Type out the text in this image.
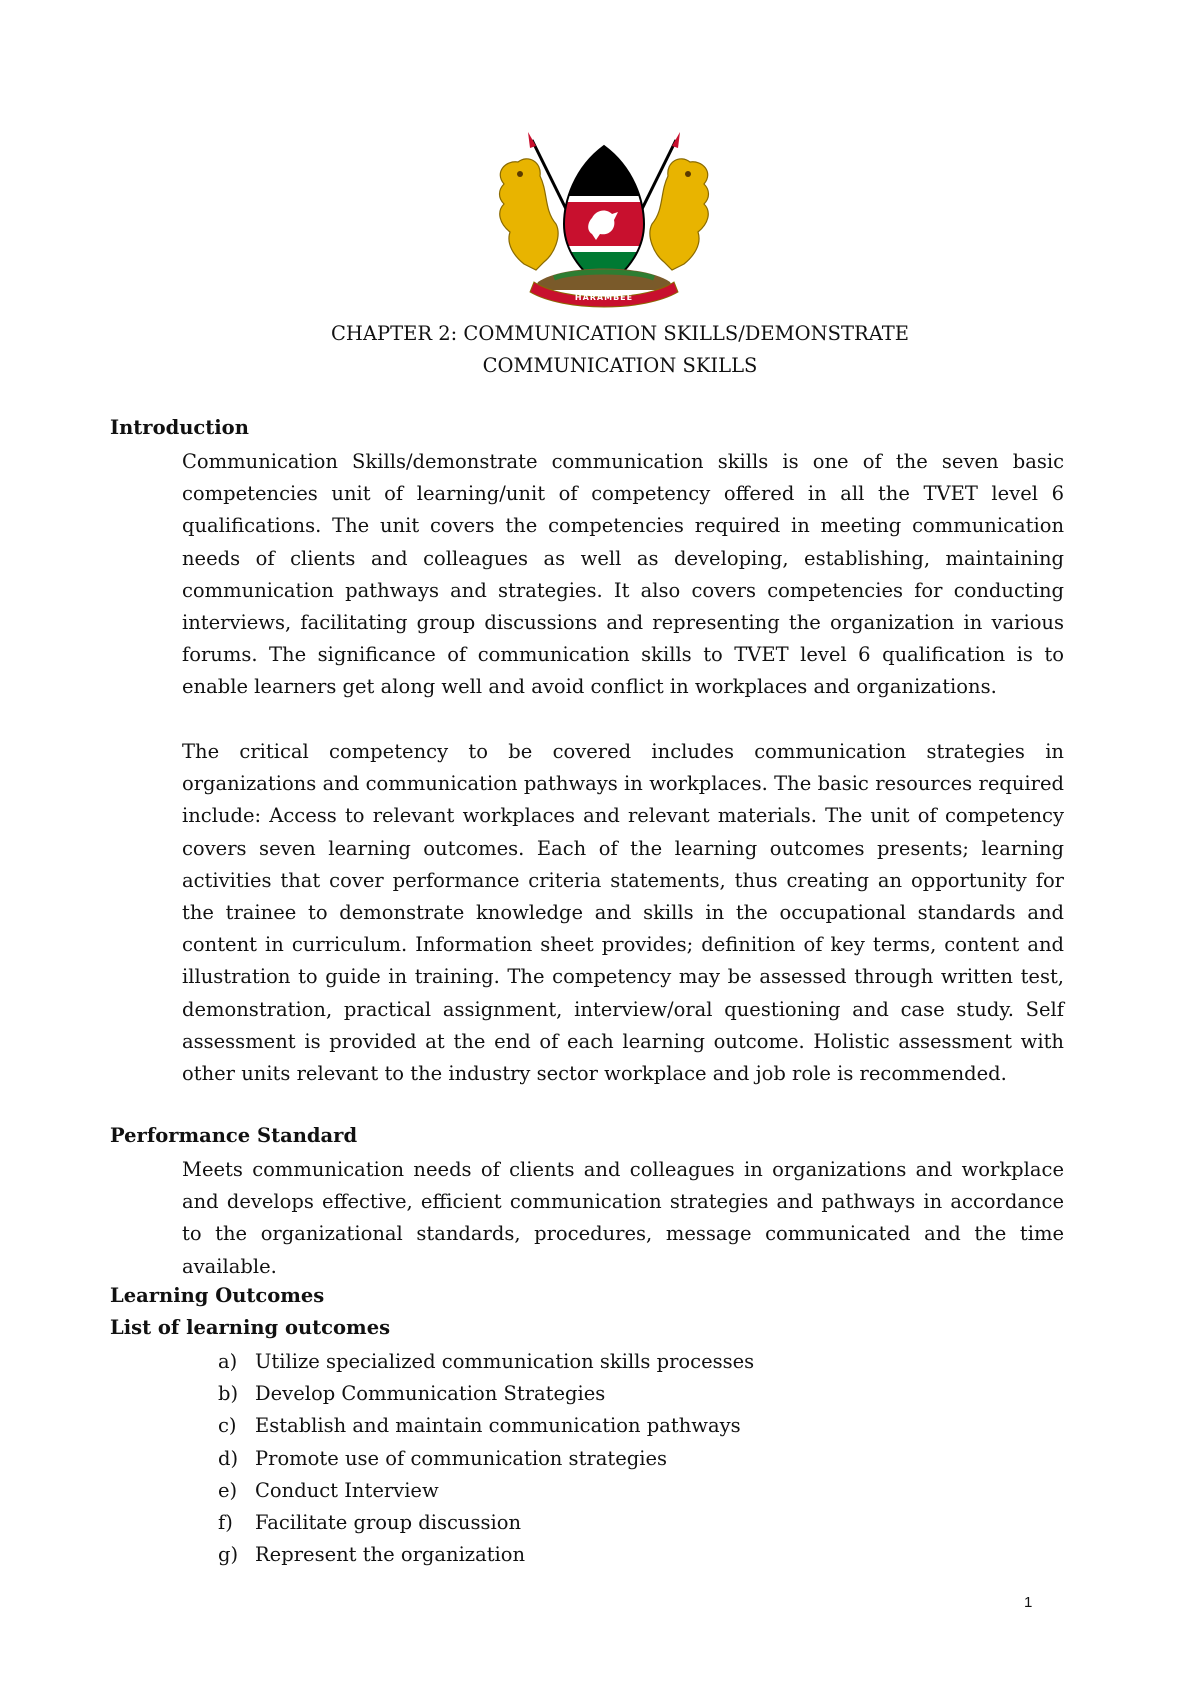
HARAMBEE
CHAPTER 2: COMMUNICATION SKILLS/DEMONSTRATE
COMMUNICATION SKILLS
Introduction

Communication Skills/demonstrate communication skills is one of the seven basic competencies unit of learning/unit of competency offered in all the TVET level 6 qualifications. The unit covers the competencies required in meeting communication needs of clients and colleagues as well as developing, establishing, maintaining communication pathways and strategies. It also covers competencies for conducting interviews, facilitating group discussions and representing the organization in various forums. The significance of communication skills to TVET level 6 qualification is to enable learners get along well and avoid conflict in workplaces and organizations.

The critical competency to be covered includes communication strategies in organizations and communication pathways in workplaces. The basic resources required include: Access to relevant workplaces and relevant materials. The unit of competency covers seven learning outcomes. Each of the learning outcomes presents; learning activities that cover performance criteria statements, thus creating an opportunity for the trainee to demonstrate knowledge and skills in the occupational standards and content in curriculum. Information sheet provides; definition of key terms, content and illustration to guide in training. The competency may be assessed through written test, demonstration, practical assignment, interview/oral questioning and case study. Self assessment is provided at the end of each learning outcome. Holistic assessment with other units relevant to the industry sector workplace and job role is recommended.

Performance Standard

Meets communication needs of clients and colleagues in organizations and workplace and develops effective, efficient communication strategies and pathways in accordance to the organizational standards, procedures, message communicated and the time available.

Learning Outcomes
List of learning outcomes
a) Utilize specialized communication skills processes
b) Develop Communication Strategies
c) Establish and maintain communication pathways
d) Promote use of communication strategies
e) Conduct Interview
f) Facilitate group discussion
g) Represent the organization
1
